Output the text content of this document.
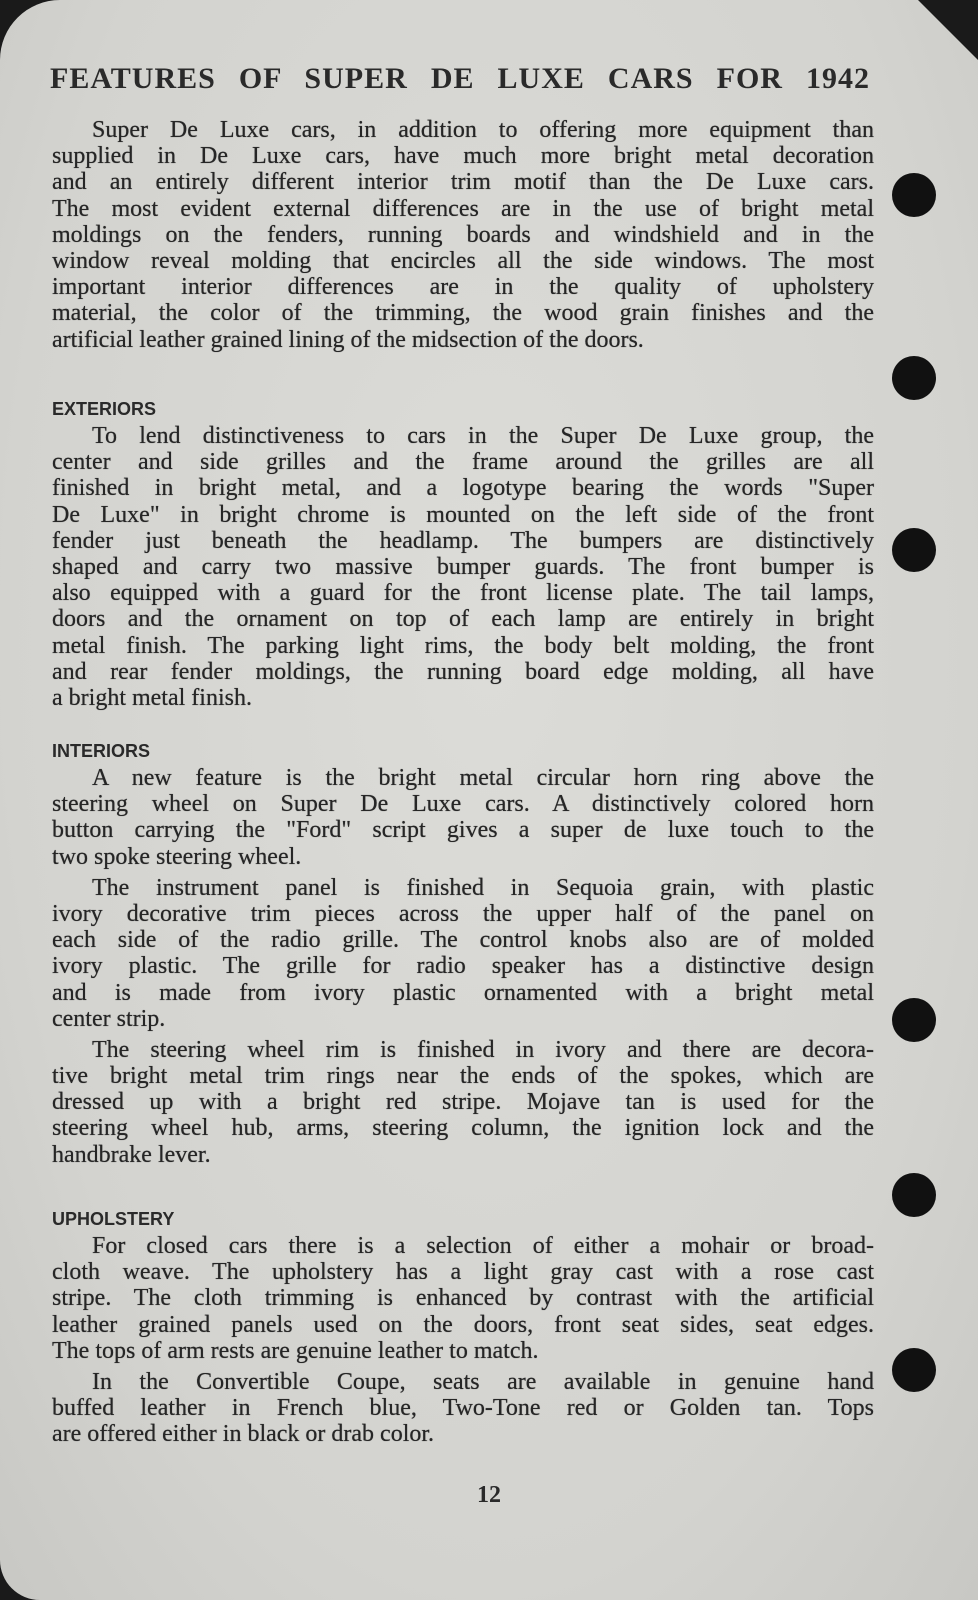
FEATURES OF SUPER DE LUXE CARS FOR 1942
Super De Luxe cars, in addition to offering more equipment than
supplied in De Luxe cars, have much more bright metal decoration
and an entirely different interior trim motif than the De Luxe cars.
The most evident external differences are in the use of bright metal
moldings on the fenders, running boards and windshield and in the
window reveal molding that encircles all the side windows. The most
important interior differences are in the quality of upholstery
material, the color of the trimming, the wood grain finishes and the
artificial leather grained lining of the midsection of the doors.
EXTERIORS
To lend distinctiveness to cars in the Super De Luxe group, the
center and side grilles and the frame around the grilles are all
finished in bright metal, and a logotype bearing the words "Super
De Luxe" in bright chrome is mounted on the left side of the front
fender just beneath the headlamp. The bumpers are distinctively
shaped and carry two massive bumper guards. The front bumper is
also equipped with a guard for the front license plate. The tail lamps,
doors and the ornament on top of each lamp are entirely in bright
metal finish. The parking light rims, the body belt molding, the front
and rear fender moldings, the running board edge molding, all have
a bright metal finish.
INTERIORS
A new feature is the bright metal circular horn ring above the
steering wheel on Super De Luxe cars. A distinctively colored horn
button carrying the "Ford" script gives a super de luxe touch to the
two spoke steering wheel.
The instrument panel is finished in Sequoia grain, with plastic
ivory decorative trim pieces across the upper half of the panel on
each side of the radio grille. The control knobs also are of molded
ivory plastic. The grille for radio speaker has a distinctive design
and is made from ivory plastic ornamented with a bright metal
center strip.
The steering wheel rim is finished in ivory and there are decora-
tive bright metal trim rings near the ends of the spokes, which are
dressed up with a bright red stripe. Mojave tan is used for the
steering wheel hub, arms, steering column, the ignition lock and the
handbrake lever.
UPHOLSTERY
For closed cars there is a selection of either a mohair or broad-
cloth weave. The upholstery has a light gray cast with a rose cast
stripe. The cloth trimming is enhanced by contrast with the artificial
leather grained panels used on the doors, front seat sides, seat edges.
The tops of arm rests are genuine leather to match.
In the Convertible Coupe, seats are available in genuine hand
buffed leather in French blue, Two-Tone red or Golden tan. Tops
are offered either in black or drab color.
12
